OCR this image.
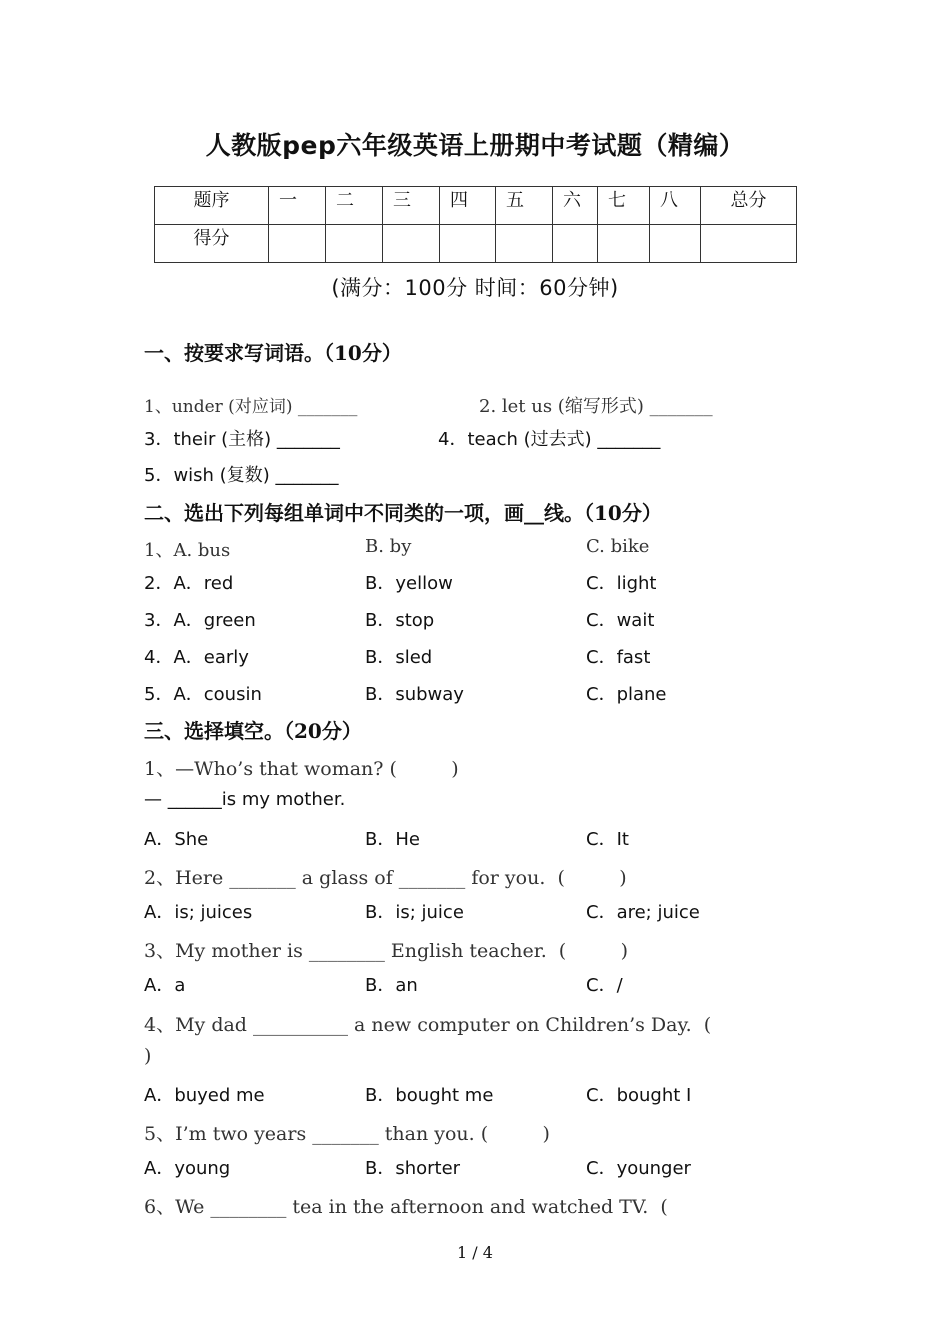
人教版pep六年级英语上册期中考试题（精编）
题序	一	二	三	四	五	六	七	八	总分
得分									
(满分：100分 时间：60分钟)
一、按要求写词语。（10分）
1、under (对应词) _______	2. let us (缩写形式) _______
3．their (主格) _______	4．teach (过去式) _______
5．wish (复数) _______
二、选出下列每组单词中不同类的一项，画__线。（10分）
1、A. bus	B. by	C. bike
2．A．red	B．yellow	C．light
3．A．green	B．stop	C．wait
4．A．early	B．sled	C．fast
5．A．cousin	B．subway	C．plane
三、选择填空。（20分）
1、—Who’s that woman? (         )
— ______is my mother.
A．She	B．He	C．It
2、Here _______ a glass of _______ for you.  (         )
A．is; juices	B．is; juice	C．are; juice
3、My mother is ________ English teacher.  (         )
A．a	B．an	C．/
4、My dad __________ a new computer on Children’s Day.  (
)
A．buyed me	B．bought me	C．bought I
5、I’m two years _______ than you. (         )
A．young	B．shorter	C．younger
6、We ________ tea in the afternoon and watched TV.  (
1 / 4
